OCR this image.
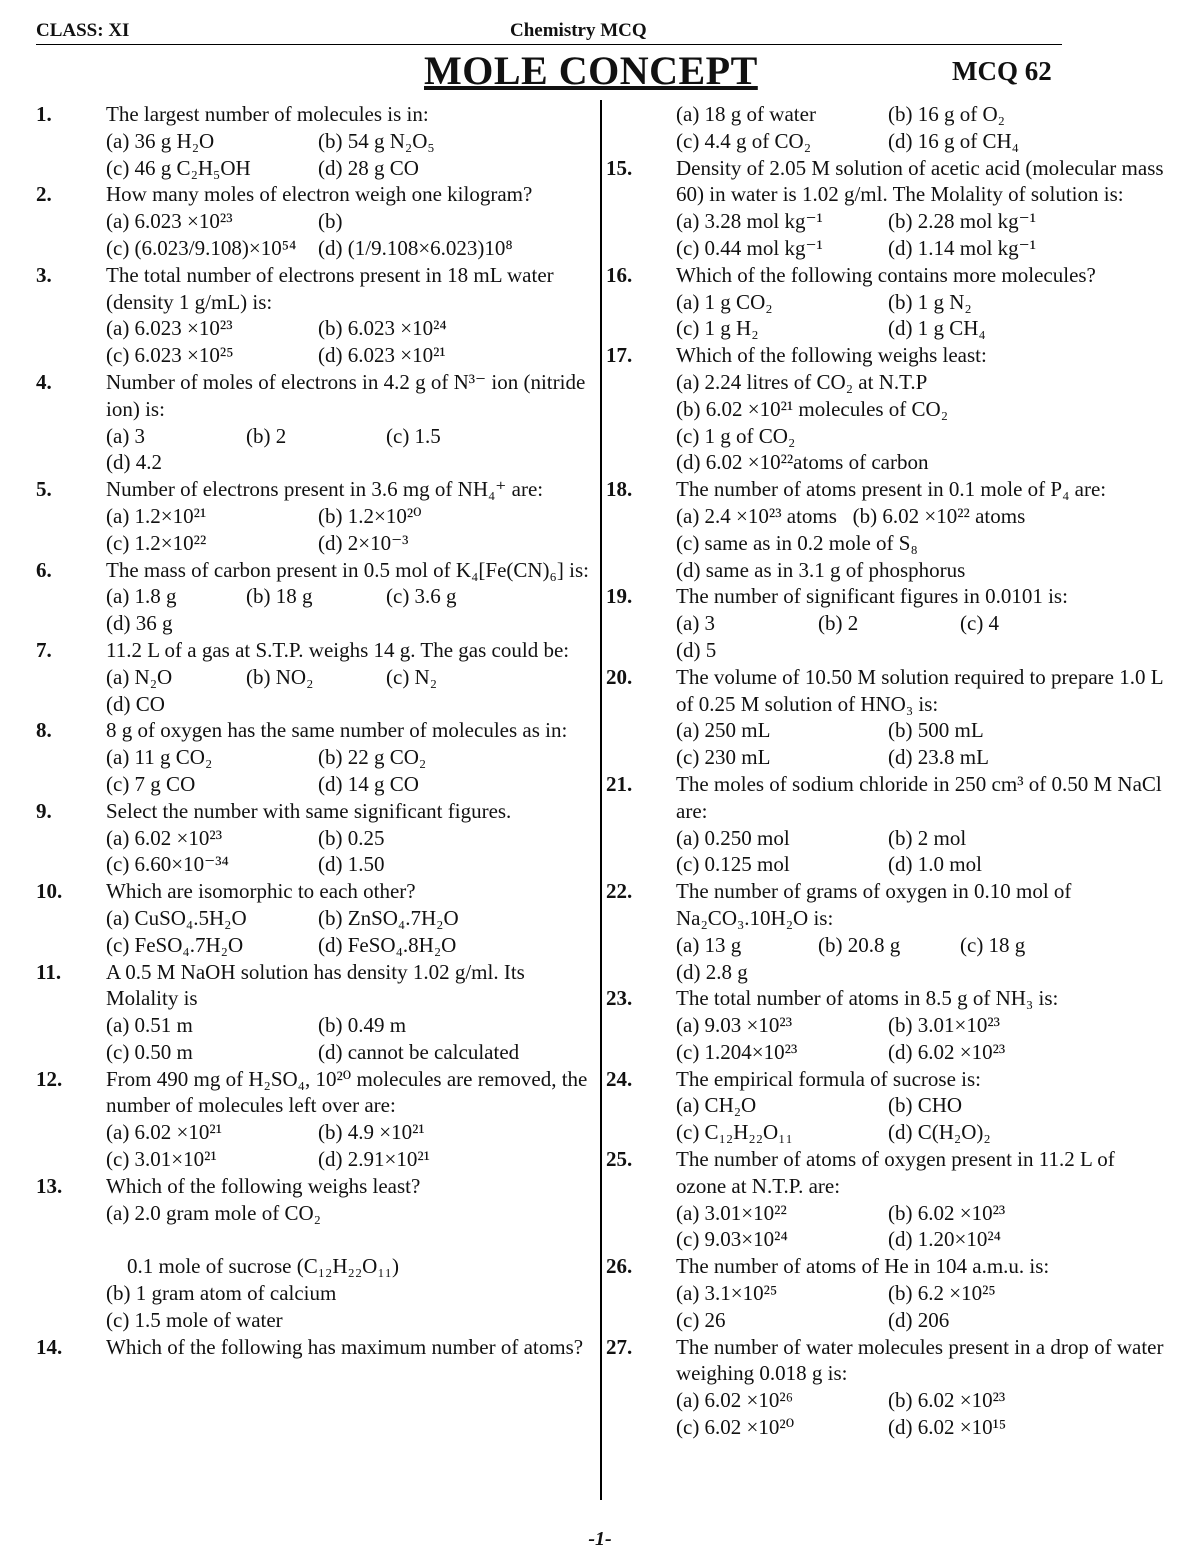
CLASS: XI	Chemistry MCQ
MOLE CONCEPT	MCQ 62
1.	The largest number of molecules is in:
(a) 36 g H₂O	(b) 54 g N₂O₅
(c) 46 g C₂H₅OH	(d) 28 g CO
2.	How many moles of electron weigh one kilogram?
(a) 6.023 ×10²³	(b)
(c) (6.023/9.108)×10⁵⁴	(d) (1/9.108×6.023)10⁸
3.	The total number of electrons present in 18 mL water (density 1 g/mL) is:
(a) 6.023 ×10²³	(b) 6.023 ×10²⁴
(c) 6.023 ×10²⁵	(d) 6.023 ×10²¹
4.	Number of moles of electrons in 4.2 g of N³⁻ ion (nitride ion) is:
(a) 3	(b) 2	(c) 1.5
(d) 4.2
5.	Number of electrons present in 3.6 mg of NH₄⁺ are:
(a) 1.2×10²¹	(b) 1.2×10²⁰
(c) 1.2×10²²	(d) 2×10⁻³
6.	The mass of carbon present in 0.5 mol of K₄[Fe(CN)₆] is:
(a) 1.8 g	(b) 18 g	(c) 3.6 g
(d) 36 g
7.	11.2 L of a gas at S.T.P. weighs 14 g. The gas could be:
(a) N₂O	(b) NO₂	(c) N₂
(d) CO
8.	8 g of oxygen has the same number of molecules as in:
(a) 11 g CO₂	(b) 22 g CO₂
(c) 7 g CO	(d) 14 g CO
9.	Select the number with same significant figures.
(a) 6.02 ×10²³	(b) 0.25
(c) 6.60×10⁻³⁴	(d) 1.50
10.	Which are isomorphic to each other?
(a) CuSO₄.5H₂O	(b) ZnSO₄.7H₂O
(c) FeSO₄.7H₂O	(d) FeSO₄.8H₂O
11.	A 0.5 M NaOH solution has density 1.02 g/ml. Its Molality is
(a) 0.51 m	(b) 0.49 m
(c) 0.50 m	(d) cannot be calculated
12.	From 490 mg of H₂SO₄, 10²⁰ molecules are removed, the number of molecules left over are:
(a) 6.02 ×10²¹	(b) 4.9 ×10²¹
(c) 3.01×10²¹	(d) 2.91×10²¹
13.	Which of the following weighs least?
(a) 2.0 gram mole of CO₂

0.1 mole of sucrose (C₁₂H₂₂O₁₁)
(b) 1 gram atom of calcium
(c) 1.5 mole of water
14.	Which of the following has maximum number of atoms?
(a) 18 g of water	(b) 16 g of O₂
(c) 4.4 g of CO₂	(d) 16 g of CH₄
15.	Density of 2.05 M solution of acetic acid (molecular mass 60) in water is 1.02 g/ml. The Molality of solution is:
(a) 3.28 mol kg⁻¹	(b) 2.28 mol kg⁻¹
(c) 0.44 mol kg⁻¹	(d) 1.14 mol kg⁻¹
16.	Which of the following contains more molecules?
(a) 1 g CO₂	(b) 1 g N₂
(c) 1 g H₂	(d) 1 g CH₄
17.	Which of the following weighs least:
(a) 2.24 litres of CO₂ at N.T.P
(b) 6.02 ×10²¹ molecules of CO₂
(c) 1 g of CO₂
(d) 6.02 ×10²²atoms of carbon
18.	The number of atoms present in 0.1 mole of P₄ are:
(a) 2.4 ×10²³ atoms   (b) 6.02 ×10²² atoms
(c) same as in 0.2 mole of S₈
(d) same as in 3.1 g of phosphorus
19.	The number of significant figures in 0.0101 is:
(a) 3	(b) 2	(c) 4
(d) 5
20.	The volume of 10.50 M solution required to prepare 1.0 L of 0.25 M solution of HNO₃ is:
(a) 250 mL	(b) 500 mL
(c) 230 mL	(d) 23.8 mL
21.	The moles of sodium chloride in 250 cm³ of 0.50 M NaCl are:
(a) 0.250 mol	(b) 2 mol
(c) 0.125 mol	(d) 1.0 mol
22.	The number of grams of oxygen in 0.10 mol of Na₂CO₃.10H₂O is:
(a) 13 g	(b) 20.8 g	(c) 18 g
(d) 2.8 g
23.	The total number of atoms in 8.5 g of NH₃ is:
(a) 9.03 ×10²³	(b) 3.01×10²³
(c) 1.204×10²³	(d) 6.02 ×10²³
24.	The empirical formula of sucrose is:
(a) CH₂O	(b) CHO
(c) C₁₂H₂₂O₁₁	(d) C(H₂O)₂
25.	The number of atoms of oxygen present in 11.2 L of ozone at N.T.P. are:
(a) 3.01×10²²	(b) 6.02 ×10²³
(c) 9.03×10²⁴	(d) 1.20×10²⁴
26.	The number of atoms of He in 104 a.m.u. is:
(a) 3.1×10²⁵	(b) 6.2 ×10²⁵
(c) 26	(d) 206
27.	The number of water molecules present in a drop of water weighing 0.018 g is:
(a) 6.02 ×10²⁶	(b) 6.02 ×10²³
(c) 6.02 ×10²⁰	(d) 6.02 ×10¹⁵
-1-
